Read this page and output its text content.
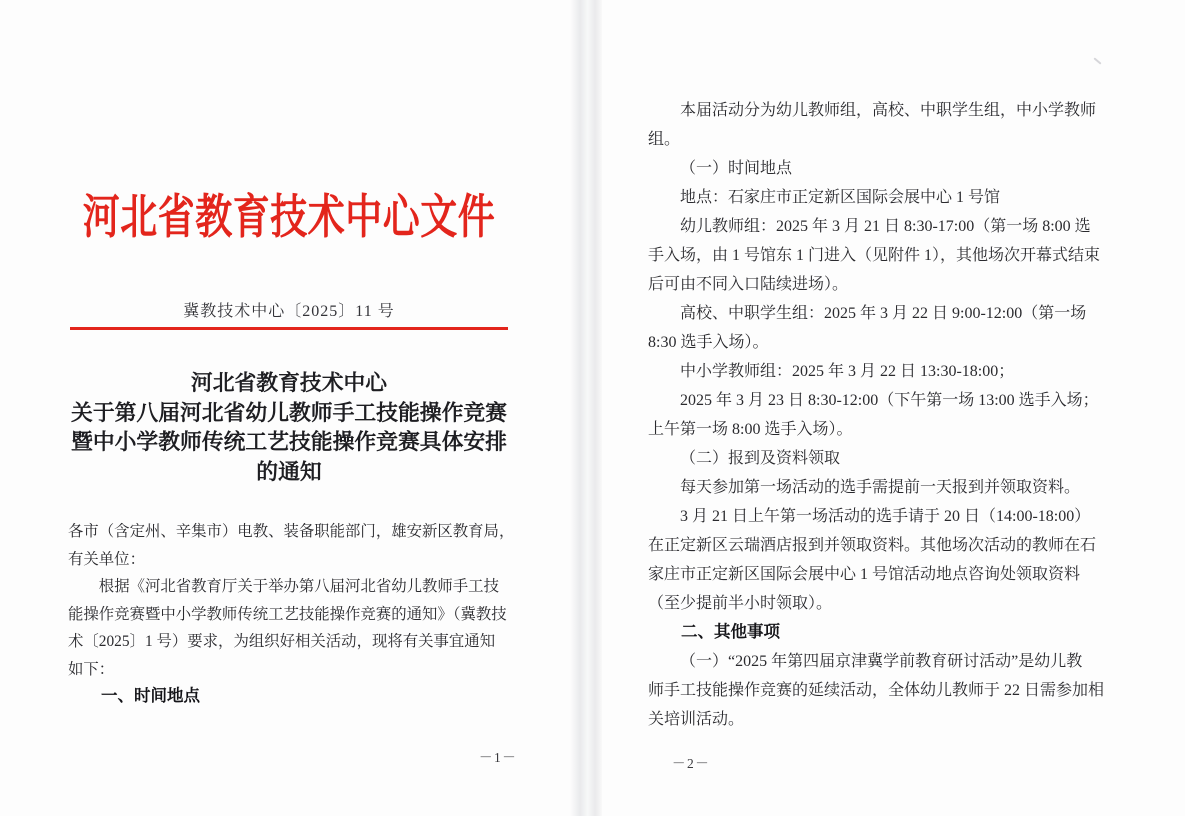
河北省教育技术中心文件
冀教技术中心〔2025〕11 号
河北省教育技术中心
关于第八届河北省幼儿教师手工技能操作竞赛
暨中小学教师传统工艺技能操作竞赛具体安排
的通知
各市（含定州、辛集市）电教、装备职能部门，雄安新区教育局，
有关单位：
根据《河北省教育厅关于举办第八届河北省幼儿教师手工技
能操作竞赛暨中小学教师传统工艺技能操作竞赛的通知》（冀教技
术〔2025〕1 号）要求，为组织好相关活动，现将有关事宜通知
如下：
一、时间地点
－1－
本届活动分为幼儿教师组，高校、中职学生组，中小学教师
组。
（一）时间地点
地点：石家庄市正定新区国际会展中心 1 号馆
幼儿教师组：2025 年 3 月 21 日 8:30-17:00（第一场 8:00 选
手入场，由 1 号馆东 1 门进入（见附件 1），其他场次开幕式结束
后可由不同入口陆续进场）。
高校、中职学生组：2025 年 3 月 22 日 9:00-12:00（第一场
8:30 选手入场）。
中小学教师组：2025 年 3 月 22 日 13:30-18:00；
2025 年 3 月 23 日 8:30-12:00（下午第一场 13:00 选手入场；
上午第一场 8:00 选手入场）。
（二）报到及资料领取
每天参加第一场活动的选手需提前一天报到并领取资料。
3 月 21 日上午第一场活动的选手请于 20 日（14:00-18:00）
在正定新区云瑞酒店报到并领取资料。其他场次活动的教师在石
家庄市正定新区国际会展中心 1 号馆活动地点咨询处领取资料
（至少提前半小时领取）。
二、其他事项
（一）“2025 年第四届京津冀学前教育研讨活动”是幼儿教
师手工技能操作竞赛的延续活动，全体幼儿教师于 22 日需参加相
关培训活动。
－2－
